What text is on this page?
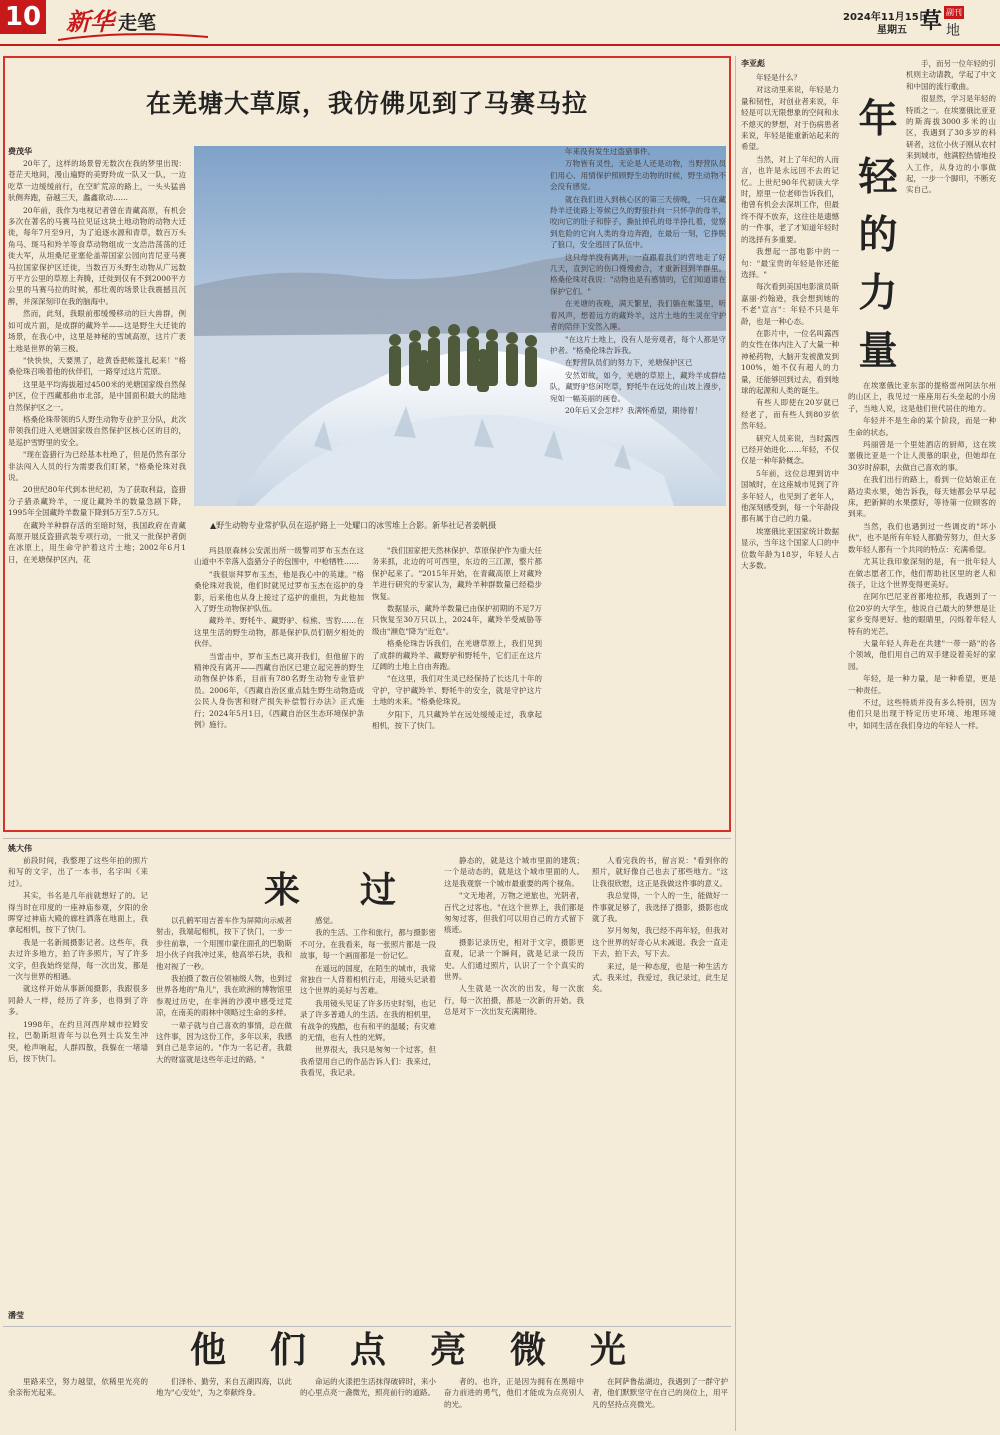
10 新华 走笔	2024年11月15日
星期五 草 副刊
地
在羌塘大草原，我仿佛见到了马赛马拉
费茂华

20年了，这样的场景曾无数次在我的梦里出现：苍茫天地间，漫山遍野的美野羚成一队又一队，一边吃草一边缓缓前行，在空旷荒凉的路上，一头头猛兽驮侧奔跑，奋越三天，蠡鑫欲动……

20年前，我作为电视记者曾在青藏高原，有机会多次在著名的马赛马拉见证这块土地动物的动物大迁徙，每年7月至9月，为了追逐水源和青草，数百万头角马、斑马和羚羊等食草动物组成一支浩浩荡荡的迁徙大军，从坦桑尼亚塞伦盖蒂国家公园向肯尼亚马赛马拉国家保护区迁徙，当数百万头野生动物从广远数万平方公里的草原上奔腾，迁徙到仅有不到2000平方公里的马赛马拉的时候，那壮观的场景让我震撼且沉醉，并深深刻印在我的脑海中。

然而，此刻，我眼前那缓慢移动的巨大兽群，例如可成片面，是成群的藏羚羊——这是野生大迁徙的场景，在我心中，这里是神秘的雪域高原，这片广袤土地是世界的第三极。

"快快快，天要黑了，趁黄昏把帐篷扎起来！"格桑伦珠召唤着他的伙伴们，一路穿过这片荒原。

这里是平均海拔超过4500米的羌塘国家级自然保护区，位于西藏那曲市北部，是中国面积最大的陆地自然保护区之一。

格桑伦珠带领的5人野生动物专业护卫分队，此次带领我们进入羌塘国家级自然保护区核心区的目的，是巡护雪野里的安全。

"现在盗猎行为已经基本杜绝了，但是仍然有部分非法闯入人员的行为需要我们盯紧，"格桑伦珠对我说。

20世纪80年代到本世纪初，为了获取利益，盗猎分子猎杀藏羚羊，一度让藏羚羊的数量急剧下降，1995年全国藏羚羊数量下降到5万至7.5万只。

在藏羚羊种群存活的至暗时刻，我国政府在青藏高原开展反盗猎武装专项行动，一批又一批保护者倒在冰原上，用生命守护着这片土地；2002年6月1日，在羌塘保护区内，花

▲野生动物专业常护队员在巡护路上一处耀口的冰雪堆上合影。新华社记者姜帆摄

玛县原森林公安派出所一级警司罗布玉杰在这山道中不幸落入盗猎分子的包围中，中枪牺牲……

"我很崇拜罗布玉杰，他是我心中的英雄。"格桑伦珠对我说，他们时就见过罗布玉杰在巡护的身影，后来他也从身上接过了巡护的重担，为此他加入了野生动物保护队伍。

藏羚羊、野牦牛、藏野驴、棕熊、雪豹……在这里生活的野生动物，都是保护队员们朝夕相处的伙伴。

当雷击中，罗布玉杰已离开我们，但他留下的精神没有离开——西藏自治区已建立起完善的野生动物保护体系，目前有780名野生动物专业管护员。2006年，《西藏自治区重点陆生野生动物造成公民人身伤害和财产损失补偿暂行办法》正式施行；2024年5月1日，《西藏自治区生态环境保护条例》施行。

"我们国家把天然林保护、草原保护作为重大任务来抓，北边的可可西里，东边的三江源，整片都保护起来了。"2015年开始，在青藏高原上对藏羚羊进行研究的专家认为，藏羚羊种群数量已经稳步恢复。

数据显示，藏羚羊数量已由保护初期的不足7万只恢复至30万只以上，2024年，藏羚羊受威胁等级由"濒危"降为"近危"。

格桑伦珠告诉我们，在羌塘草原上，我们见到了成群的藏羚羊、藏野驴和野牦牛，它们正在这片辽阔的土地上自由奔跑。

"在这里，我们对生灵已经保持了长达几十年的守护，守护藏羚羊、野牦牛的安全，就是守护这片土地的未来。"格桑伦珠说。

夕阳下，几只藏羚羊在远处缓缓走过，我拿起相机，按下了快门。

年来没有发生过盗猎事件。

万物皆有灵性，无论是人还是动物，当野营队员们用心、用情保护照顾野生动物的时候，野生动物不会没有感觉。

就在我们进入到核心区的第三天傍晚，一只在藏羚羊迁徙路上等候已久的野狼扑向一只怀孕的母羊，咬向它的肚子和脖子，撕扯掉孔的母羊挣扎着，觉察到危险的它向人类的身边奔跑，在最后一刻，它挣脱了狼口，安全逃回了队伍中。

这只母羊没有离开，一直跟着我们的营地走了好几天，直到它的伤口慢慢愈合，才重新回到羊群里。格桑伦珠对我说："动物也是有感情的，它们知道谁在保护它们。"

在羌塘的夜晚，满天繁星，我们躺在帐篷里，听着风声，想着远方的藏羚羊，这片土地的生灵在守护者的陪伴下安然入睡。

"在这片土地上，没有人是旁观者，每个人都是守护者。"格桑伦珠告诉我。

在野营队员们的努力下，羌塘保护区已

安然如故，如今，羌塘的草原上，藏羚羊成群结队，藏野驴悠闲吃草，野牦牛在远处的山坡上漫步，宛如一幅美丽的画卷。

20年后又会怎样？我满怀希望，期待着！

李亚彪

年轻是什么？

对这动里来说，年轻是力量和韧性，对创业者来说，年轻是可以无限想象的空间和永不熄灭的梦想，对于伤病患者来说，年轻是能重新站起来的希望。

当然，对上了年纪的人而言，也许是永远回不去的记忆。上世纪90年代初读大学时，原里一位老师告诉我们，他曾有机会去深圳工作，但最终不得不放弃，这往往是遗憾的一件事，老了才知道年轻时的选择有多重要。

我想起一部电影中的一句："最宝贵的年轻是你还能选择。"

每次看到美国电影演员斯嘉丽·约翰逊，我会想到她的不老"宣言"：年轻不只是年龄，也是一种心态。

在影片中，一位名叫露西的女性在体内注入了大量一种神秘药物，大脑开发被激发到100%，她不仅有超人的力量，还能够回到过去，看到地球的起源和人类的诞生。

有些人即使在20岁就已经老了，而有些人到80岁依然年轻。

研究人员来说，当时露西已经开始进化……年轻，不仅仅是一种年龄概念。

5年前，这位总理到访中国城时，在这座城市见到了许多年轻人，也见到了老年人，他深刻感受到，每一个年龄段都有属于自己的力量。

埃塞俄比亚国家统计数据显示，当年这个国家人口的中位数年龄为18岁，年轻人占大多数。

年
轻
的
力
量

手，而另一位年轻的引机则主动请教，学起了中文和中国的流行歌曲。

很显然，学习是年轻的特质之一。在埃塞俄比亚亚的斯海拔3000多米的山区，我遇到了30多岁的科研者，这位小伙子刚从农村来到城市，他满腔热情地投入工作，从身边的小事做起，一步一个脚印，不断充实自己。

在埃塞俄比亚东部的提格雷州阿法尔州的山区上，我见过一座座用石头垒起的小房子，当地人说，这是他们世代居住的地方。

年轻并不是生命的某个阶段，而是一种生命的状态。

玛丽曾是一个里娃酒店的厨师，这在埃塞俄比亚是一个让人羡慕的职业，但她却在30岁时辞职，去做自己喜欢的事。

在我们出行的路上，看到一位姑娘正在路边卖水果，她告诉我，每天她都会早早起床，把新鲜的水果摆好，等待第一位顾客的到来。

当然，我们也遇到过一些调皮的"坏小伙"，也不是所有年轻人都勤劳努力，但大多数年轻人都有一个共同的特点：充满希望。

尤其让我印象深刻的是，有一批年轻人在做志愿者工作，他们帮助社区里的老人和孩子，让这个世界变得更美好。

在阿尔巴尼亚首都地拉那，我遇到了一位20岁的大学生，他说自己最大的梦想是让家乡变得更好。他的眼睛里，闪烁着年轻人特有的光芒。

大量年轻人奔赴在共建"一带一路"的各个领域，他们用自己的双手建设着美好的家园。

年轻，是一种力量，是一种希望，更是一种责任。

不过，这些特质并没有多么特别，因为他们只是出现于特定历史环境、地理环境中，如同生活在我们身边的年轻人一样。

姚大伟
来过

前段时间，我整理了这些年拍的照片和写的文字，出了一本书，名字叫《来过》。

其实，书名是几年前就想好了的。记得当时在印度的一座神庙参观，夕阳的余晖穿过神庙大殿的廊柱洒落在地面上，我拿起相机，按下了快门。

我是一名新闻摄影记者。这些年，我去过许多地方，拍了许多照片，写了许多文字，但我始终觉得，每一次出发，都是一次与世界的相遇。

就这样开始从事新闻摄影，我跟很多同龄人一样，经历了许多，也得到了许多。

1998年，在约旦河西岸城市拉姆安拉，巴勒斯坦青年与以色列士兵发生冲突，枪声响起，人群四散，我躲在一堵墙后，按下快门。

以孔鹤军用吉普车作为屏障向示威者射击，我端起相机，按下了快门，一步一步往前靠，一个用围巾蒙住面孔的巴勒斯坦小伙子向我冲过来，他高举石块，我和他对视了一秒。

我拍摄了数百位领袖级人物，也到过世界各地的"角儿"，我在欧洲的博物馆里参观过历史，在非洲的沙漠中感受过荒凉，在南美的雨林中领略过生命的多样。

一辈子就与自己喜欢的事情，总在做这件事，因为这份工作，多年以来，我感到自己是幸运的。"作为一名记者，我最大的财富就是这些年走过的路。"

感觉。

我的生活、工作和旅行，都与摄影密不可分。在我看来，每一张照片都是一段故事，每一个画面都是一份记忆。

在遥远的国度，在陌生的城市，我常常独自一人背着相机行走，用镜头记录着这个世界的美好与苦难。

我用镜头见证了许多历史时刻，也记录了许多普通人的生活。在我的相机里，有战争的残酷，也有和平的温暖；有灾难的无情，也有人性的光辉。

世界很大，我只是匆匆一个过客，但我希望用自己的作品告诉人们：我来过，我看见，我记录。

静态的，就是这个城市里面的建筑；一个是动态的，就是这个城市里面的人。这是我观察一个城市最重要的两个视角。

"文无地者，万物之逆旅也，光阴者，百代之过客也。"在这个世界上，我们都是匆匆过客，但我们可以用自己的方式留下痕迹。

摄影记录历史，相对于文字，摄影更直观，记录一个瞬间，就是记录一段历史。人们通过照片，认识了一个个真实的世界。

人生就是一次次的出发，每一次旅行，每一次拍摄，都是一次新的开始。我总是对下一次出发充满期待。

人看完我的书，留言说："看到你的照片，就好像自己也去了那些地方。"这让我很欣慰，这正是我做这件事的意义。

我总觉得，一个人的一生，能做好一件事就足够了，我选择了摄影，摄影也成就了我。

岁月匆匆，我已经不再年轻，但我对这个世界的好奇心从未减退。我会一直走下去，拍下去，写下去。

来过，是一种态度，也是一种生活方式。我来过，我爱过，我记录过，此生足矣。

潘莹
他们点亮微光

里路来空，努力越望，依稀里光亮的余亲衔光起来。

们泽朴、勤劳，来自五湖四海，以此地为"心安处"，为之奉献终身。

命运的火漾把生活抹得破碎时，来小的心里点亮一盏微光，照亮前行的道路。

者的。也许，正是因为拥有在黑暗中奋力前进的勇气，他们才能成为点亮别人的光。

在阿萨鲁盐湖边，我遇到了一群守护者，他们默默坚守在自己的岗位上，用平凡的坚持点亮微光。
